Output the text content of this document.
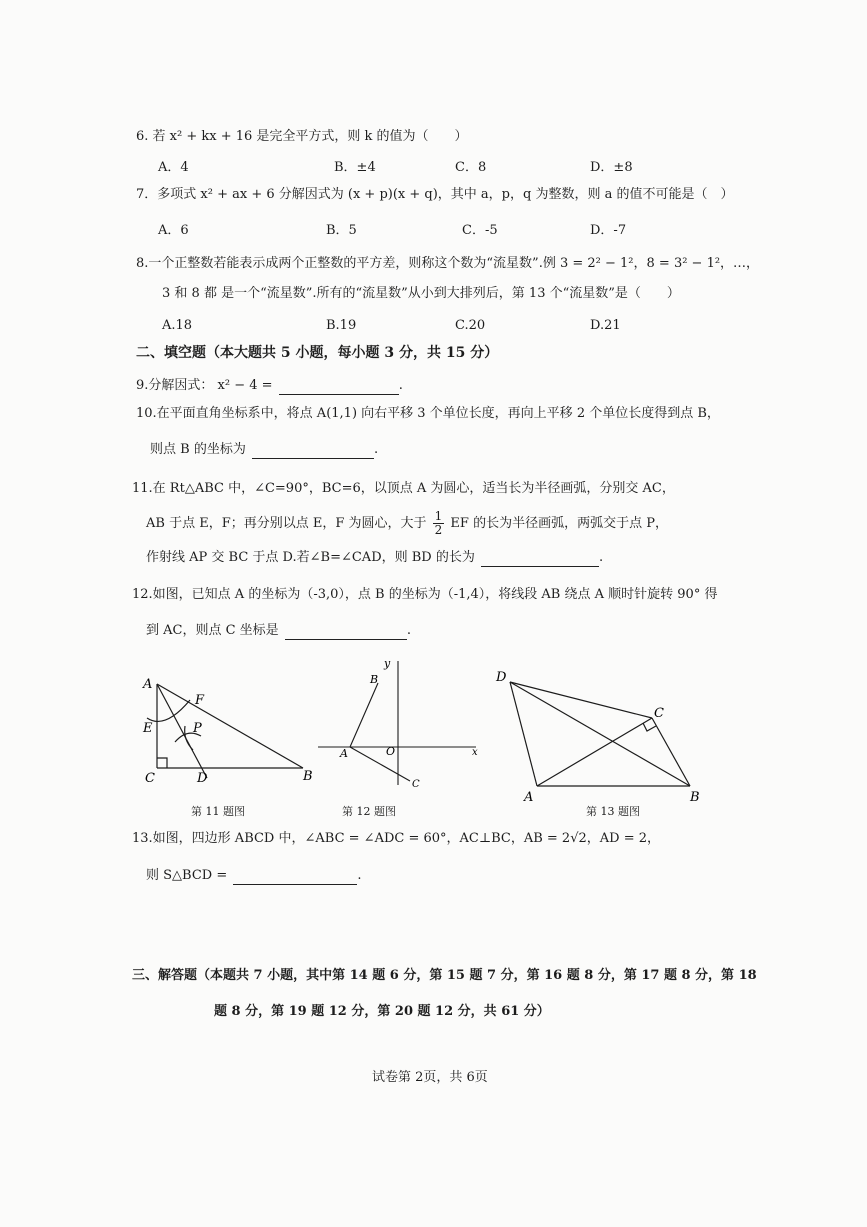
6. 若 x² + kx + 16 是完全平方式，则 k 的值为（　　）
A．4	B．±4	C．8	D．±8
7．多项式 x² + ax + 6 分解因式为 (x + p)(x + q)，其中 a，p，q 为整数，则 a 的值不可能是（　）
A．6	B．5	C．-5	D．-7
8.一个正整数若能表示成两个正整数的平方差，则称这个数为“流星数”.例 3 = 2² − 1²，8 = 3² − 1²，…，
3 和 8 都 是一个“流星数”.所有的“流星数”从小到大排列后，第 13 个“流星数”是（　　）
A.18	B.19	C.20	D.21
二、填空题（本大题共 5 小题，每小题 3 分，共 15 分）
9.分解因式： x² − 4 =	.
10.在平面直角坐标系中，将点 A(1,1) 向右平移 3 个单位长度，再向上平移 2 个单位长度得到点 B，
则点 B 的坐标为	.
11.在 Rt△ABC 中，∠C=90°，BC=6，以顶点 A 为圆心，适当长为半径画弧，分别交 AC，
AB 于点 E，F；再分别以点 E，F 为圆心，大于 $\frac{1}{2}$ EF 的长为半径画弧，两弧交于点 P，
作射线 AP 交 BC 于点 D.若∠B=∠CAD，则 BD 的长为	.
12.如图，已知点 A 的坐标为（-3,0），点 B 的坐标为（-1,4），将线段 AB 绕点 A 顺时针旋转 90° 得
到 AC，则点 C 坐标是	.
A
F
E	P
C	D	B
y
B
A	O	x
C
D
C
A	B
第 11 题图	第 12 题图	第 13 题图
13.如图，四边形 ABCD 中，∠ABC = ∠ADC = 60°，AC⊥BC，AB = 2√2，AD = 2，
则 S△BCD =	.
三、解答题（本题共 7 小题，其中第 14 题 6 分，第 15 题 7 分，第 16 题 8 分，第 17 题 8 分，第 18
题 8 分，第 19 题 12 分，第 20 题 12 分，共 61 分）
试卷第 2页，共 6页
